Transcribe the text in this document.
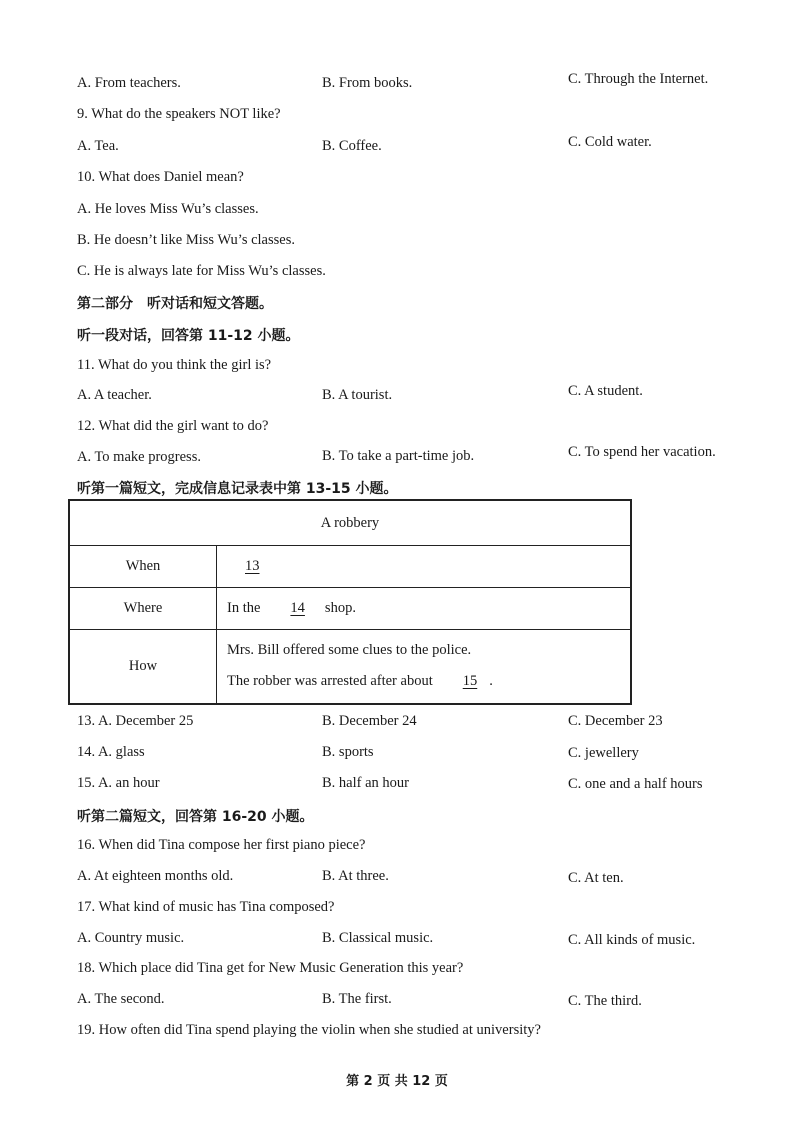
A. From teachers.	B. From books.	C. Through the Internet.
9. What do the speakers NOT like?
A. Tea.	B. Coffee.	C. Cold water.
10. What does Daniel mean?
A. He loves Miss Wu’s classes.
B. He doesn’t like Miss Wu’s classes.
C. He is always late for Miss Wu’s classes.
第二部分　听对话和短文答题。
听一段对话，回答第 11-12 小题。
11. What do you think the girl is?
A. A teacher.	B. A tourist.	C. A student.
12. What did the girl want to do?
A. To make progress.	B. To take a part-time job.	C. To spend her vacation.
听第一篇短文，完成信息记录表中第 13-15 小题。
A robbery	
When	13
Where	In the 14 shop.
How	Mrs. Bill offered some clues to the police.
The robber was arrested after about 15 .
13. A. December 25	B. December 24	C. December 23
14. A. glass	B. sports	C. jewellery
15. A. an hour	B. half an hour	C. one and a half hours
听第二篇短文，回答第 16-20 小题。
16. When did Tina compose her first piano piece?
A. At eighteen months old.	B. At three.	C. At ten.
17. What kind of music has Tina composed?
A. Country music.	B. Classical music.	C. All kinds of music.
18. Which place did Tina get for New Music Generation this year?
A. The second.	B. The first.	C. The third.
19. How often did Tina spend playing the violin when she studied at university?
第 2 页 共 12 页
